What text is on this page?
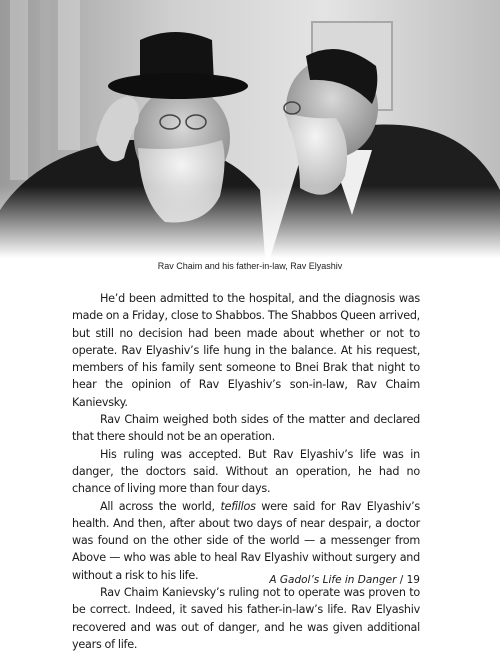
Rav Chaim and his father-in-law, Rav Elyashiv

He’d been admitted to the hospital, and the diagnosis was made on a Friday, close to Shabbos. The Shabbos Queen arrived, but still no decision had been made about whether or not to operate. Rav Elyashiv’s life hung in the balance. At his request, members of his family sent someone to Bnei Brak that night to hear the opinion of Rav Elyashiv’s son-in-law, Rav Chaim Kanievsky.

Rav Chaim weighed both sides of the matter and declared that there should not be an operation.

His ruling was accepted. But Rav Elyashiv’s life was in danger, the doctors said. Without an operation, he had no chance of living more than four days.

All across the world, tefillos were said for Rav Elyashiv’s health. And then, after about two days of near despair, a doctor was found on the other side of the world — a messenger from Above — who was able to heal Rav Elyashiv without surgery and without a risk to his life.

Rav Chaim Kanievsky’s ruling not to operate was proven to be correct. Indeed, it saved his father-in-law’s life. Rav Elyashiv recovered and was out of danger, and he was given additional years of life.

A Gadol’s Life in Danger / 19
